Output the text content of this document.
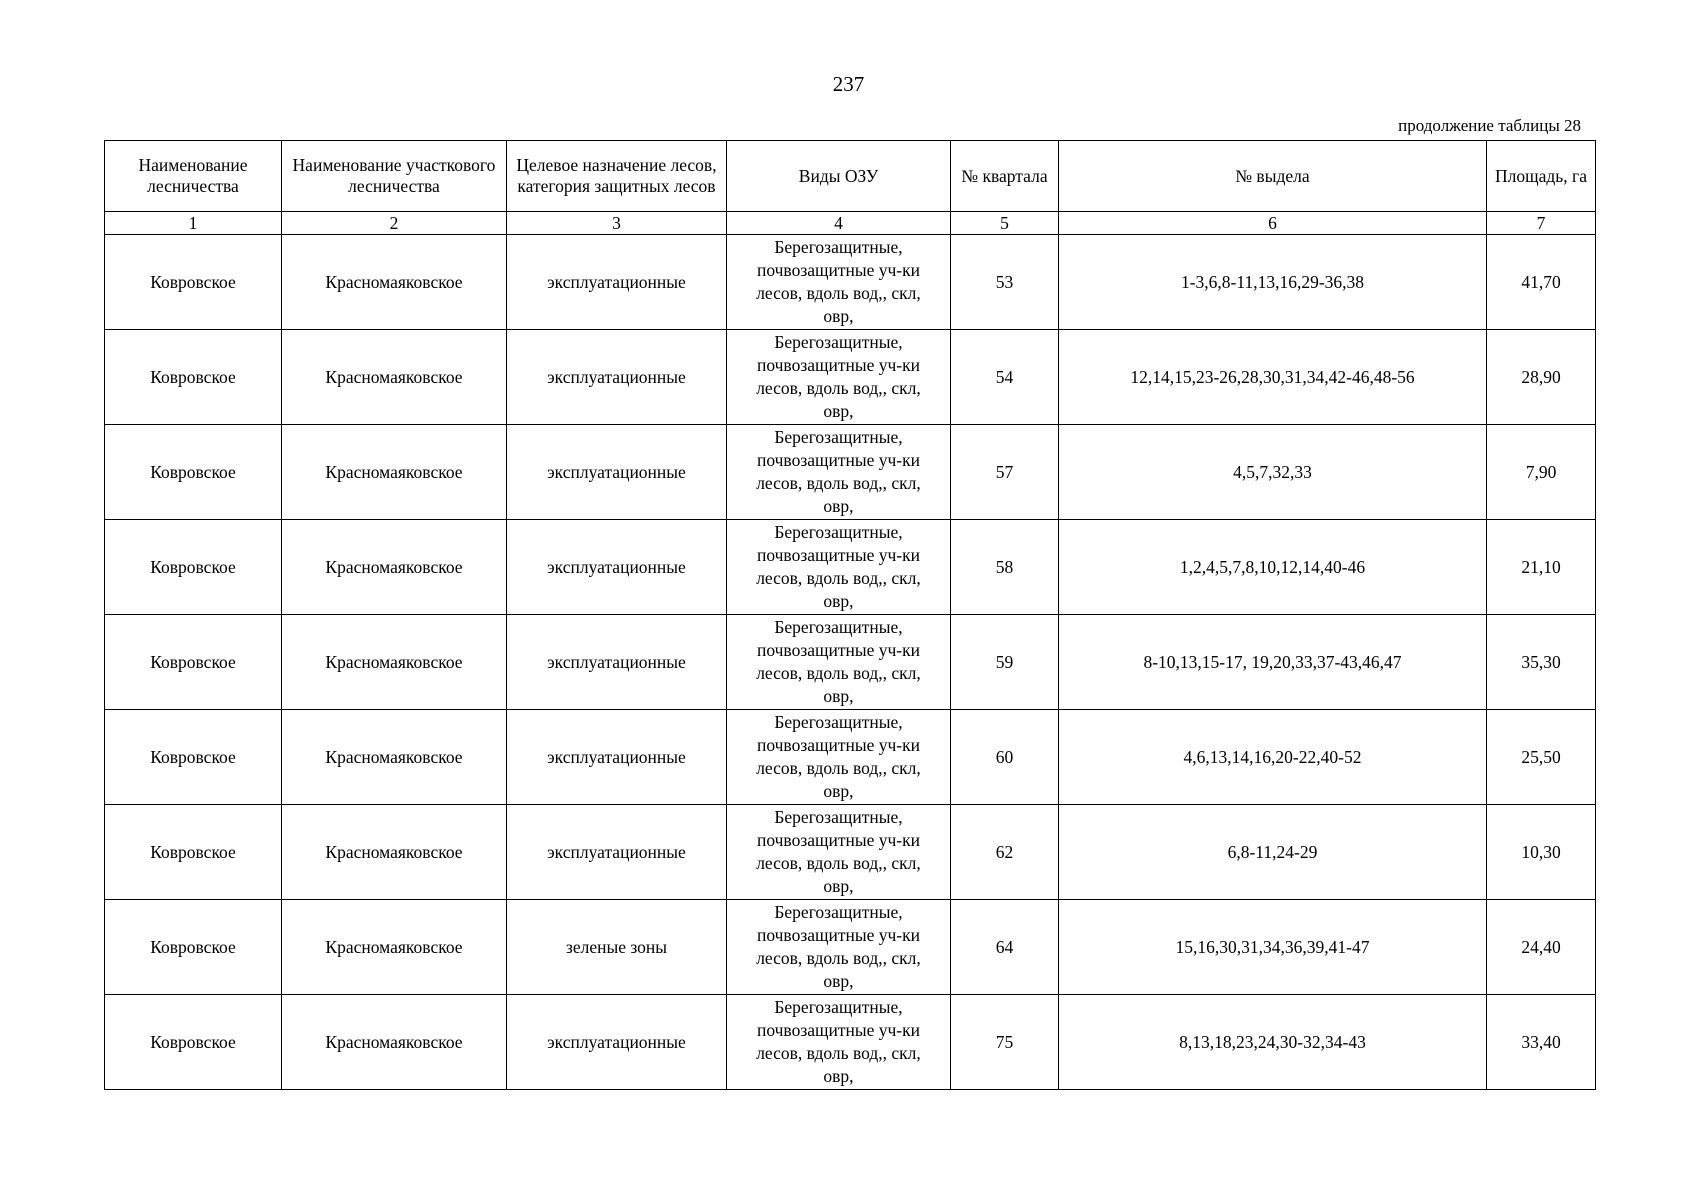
237
продолжение таблицы 28
Наименование лесничества	Наименование участкового лесничества	Целевое назначение лесов, категория защитных лесов	Виды ОЗУ	№ квартала	№ выдела	Площадь, га
1	2	3	4	5	6	7
Ковровское	Красномаяковское	эксплуатационные	Берегозащитные,
почвозащитные уч-ки
лесов, вдоль вод,, скл,
овр,	53	1-3,6,8-11,13,16,29-36,38	41,70
Ковровское	Красномаяковское	эксплуатационные	Берегозащитные,
почвозащитные уч-ки
лесов, вдоль вод,, скл,
овр,	54	12,14,15,23-26,28,30,31,34,42-46,48-56	28,90
Ковровское	Красномаяковское	эксплуатационные	Берегозащитные,
почвозащитные уч-ки
лесов, вдоль вод,, скл,
овр,	57	4,5,7,32,33	7,90
Ковровское	Красномаяковское	эксплуатационные	Берегозащитные,
почвозащитные уч-ки
лесов, вдоль вод,, скл,
овр,	58	1,2,4,5,7,8,10,12,14,40-46	21,10
Ковровское	Красномаяковское	эксплуатационные	Берегозащитные,
почвозащитные уч-ки
лесов, вдоль вод,, скл,
овр,	59	8-10,13,15-17, 19,20,33,37-43,46,47	35,30
Ковровское	Красномаяковское	эксплуатационные	Берегозащитные,
почвозащитные уч-ки
лесов, вдоль вод,, скл,
овр,	60	4,6,13,14,16,20-22,40-52	25,50
Ковровское	Красномаяковское	эксплуатационные	Берегозащитные,
почвозащитные уч-ки
лесов, вдоль вод,, скл,
овр,	62	6,8-11,24-29	10,30
Ковровское	Красномаяковское	зеленые зоны	Берегозащитные,
почвозащитные уч-ки
лесов, вдоль вод,, скл,
овр,	64	15,16,30,31,34,36,39,41-47	24,40
Ковровское	Красномаяковское	эксплуатационные	Берегозащитные,
почвозащитные уч-ки
лесов, вдоль вод,, скл,
овр,	75	8,13,18,23,24,30-32,34-43	33,40
